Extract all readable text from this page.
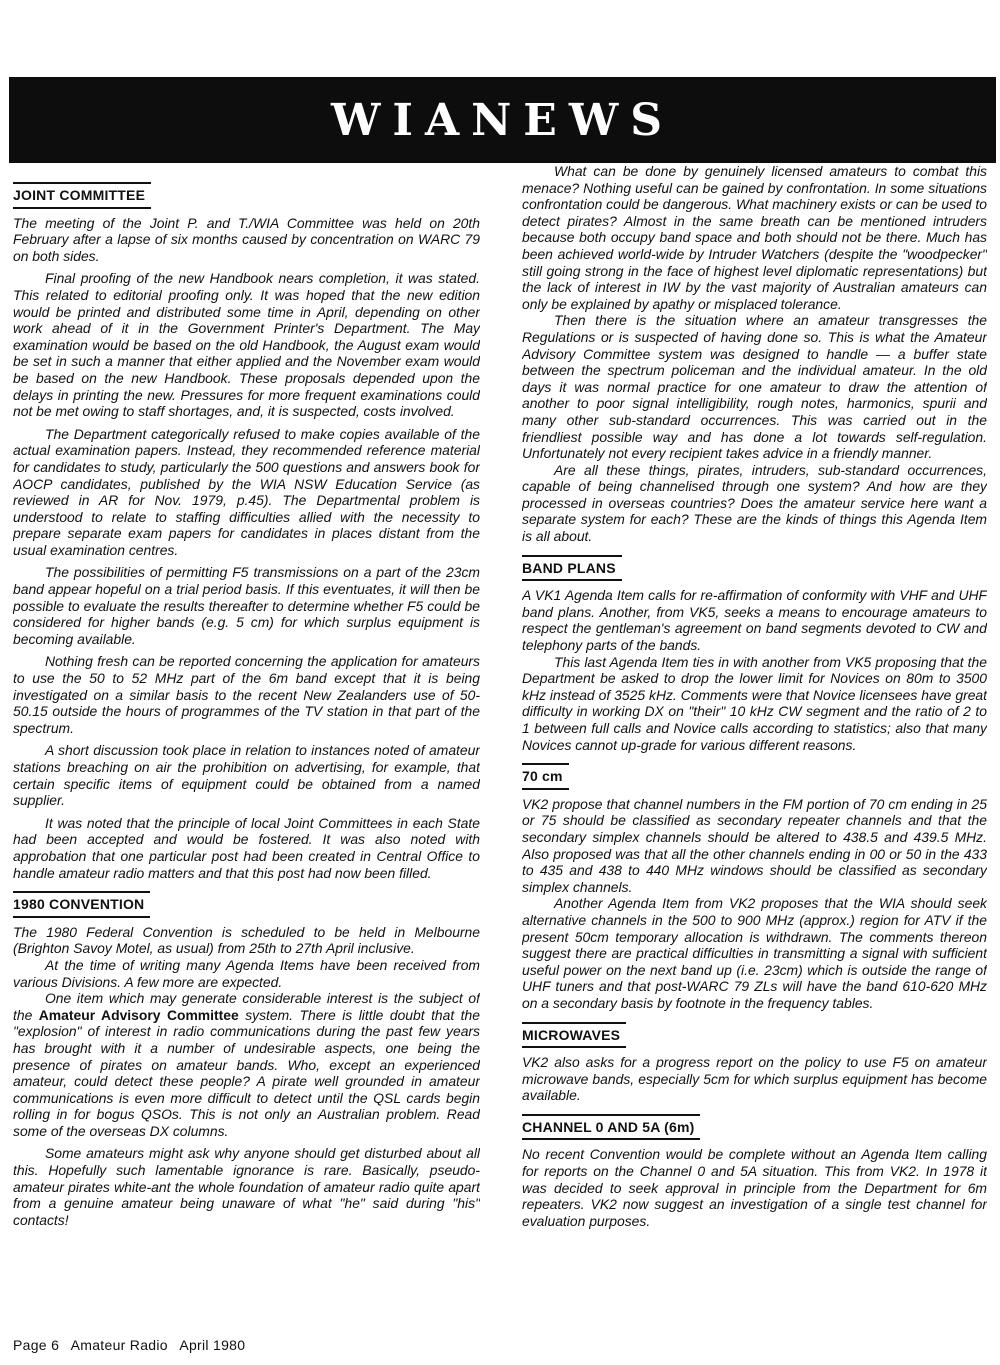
WIANEWS
JOINT COMMITTEE

The meeting of the Joint P. and T./WIA Committee was held on 20th February after a lapse of six months caused by concentration on WARC 79 on both sides.

Final proofing of the new Handbook nears completion, it was stated. This related to editorial proofing only. It was hoped that the new edition would be printed and distributed some time in April, depending on other work ahead of it in the Government Printer's Department. The May examination would be based on the old Handbook, the August exam would be set in such a manner that either applied and the November exam would be based on the new Handbook. These proposals depended upon the delays in printing the new. Pressures for more frequent examinations could not be met owing to staff shortages, and, it is suspected, costs involved.

The Department categorically refused to make copies available of the actual examination papers. Instead, they recommended reference material for candidates to study, particularly the 500 questions and answers book for AOCP candidates, published by the WIA NSW Education Service (as reviewed in AR for Nov. 1979, p.45). The Departmental problem is understood to relate to staffing difficulties allied with the necessity to prepare separate exam papers for candidates in places distant from the usual examination centres.

The possibilities of permitting F5 transmissions on a part of the 23cm band appear hopeful on a trial period basis. If this eventuates, it will then be possible to evaluate the results thereafter to determine whether F5 could be considered for higher bands (e.g. 5 cm) for which surplus equipment is becoming available.

Nothing fresh can be reported concerning the application for amateurs to use the 50 to 52 MHz part of the 6m band except that it is being investigated on a similar basis to the recent New Zealanders use of 50-50.15 outside the hours of programmes of the TV station in that part of the spectrum.

A short discussion took place in relation to instances noted of amateur stations breaching on air the prohibition on advertising, for example, that certain specific items of equipment could be obtained from a named supplier.

It was noted that the principle of local Joint Committees in each State had been accepted and would be fostered. It was also noted with approbation that one particular post had been created in Central Office to handle amateur radio matters and that this post had now been filled.

1980 CONVENTION

The 1980 Federal Convention is scheduled to be held in Melbourne (Brighton Savoy Motel, as usual) from 25th to 27th April inclusive.

At the time of writing many Agenda Items have been received from various Divisions. A few more are expected.

One item which may generate considerable interest is the subject of the Amateur Advisory Committee system. There is little doubt that the "explosion" of interest in radio communications during the past few years has brought with it a number of undesirable aspects, one being the presence of pirates on amateur bands. Who, except an experienced amateur, could detect these people? A pirate well grounded in amateur communications is even more difficult to detect until the QSL cards begin rolling in for bogus QSOs. This is not only an Australian problem. Read some of the overseas DX columns.

Some amateurs might ask why anyone should get disturbed about all this. Hopefully such lamentable ignorance is rare. Basically, pseudo-amateur pirates white-ant the whole foundation of amateur radio quite apart from a genuine amateur being unaware of what "he" said during "his" contacts!

What can be done by genuinely licensed amateurs to combat this menace? Nothing useful can be gained by confrontation. In some situations confrontation could be dangerous. What machinery exists or can be used to detect pirates? Almost in the same breath can be mentioned intruders because both occupy band space and both should not be there. Much has been achieved world-wide by Intruder Watchers (despite the "woodpecker" still going strong in the face of highest level diplomatic representations) but the lack of interest in IW by the vast majority of Australian amateurs can only be explained by apathy or misplaced tolerance.

Then there is the situation where an amateur transgresses the Regulations or is suspected of having done so. This is what the Amateur Advisory Committee system was designed to handle — a buffer state between the spectrum policeman and the individual amateur. In the old days it was normal practice for one amateur to draw the attention of another to poor signal intelligibility, rough notes, harmonics, spurii and many other sub-standard occurrences. This was carried out in the friendliest possible way and has done a lot towards self-regulation. Unfortunately not every recipient takes advice in a friendly manner.

Are all these things, pirates, intruders, sub-standard occurrences, capable of being channelised through one system? And how are they processed in overseas countries? Does the amateur service here want a separate system for each? These are the kinds of things this Agenda Item is all about.

BAND PLANS

A VK1 Agenda Item calls for re-affirmation of conformity with VHF and UHF band plans. Another, from VK5, seeks a means to encourage amateurs to respect the gentleman's agreement on band segments devoted to CW and telephony parts of the bands.

This last Agenda Item ties in with another from VK5 proposing that the Department be asked to drop the lower limit for Novices on 80m to 3500 kHz instead of 3525 kHz. Comments were that Novice licensees have great difficulty in working DX on "their" 10 kHz CW segment and the ratio of 2 to 1 between full calls and Novice calls according to statistics; also that many Novices cannot up-grade for various different reasons.

70 cm

VK2 propose that channel numbers in the FM portion of 70 cm ending in 25 or 75 should be classified as secondary repeater channels and that the secondary simplex channels should be altered to 438.5 and 439.5 MHz. Also proposed was that all the other channels ending in 00 or 50 in the 433 to 435 and 438 to 440 MHz windows should be classified as secondary simplex channels.

Another Agenda Item from VK2 proposes that the WIA should seek alternative channels in the 500 to 900 MHz (approx.) region for ATV if the present 50cm temporary allocation is withdrawn. The comments thereon suggest there are practical difficulties in transmitting a signal with sufficient useful power on the next band up (i.e. 23cm) which is outside the range of UHF tuners and that post-WARC 79 ZLs will have the band 610-620 MHz on a secondary basis by footnote in the frequency tables.

MICROWAVES

VK2 also asks for a progress report on the policy to use F5 on amateur microwave bands, especially 5cm for which surplus equipment has become available.

CHANNEL 0 AND 5A (6m)

No recent Convention would be complete without an Agenda Item calling for reports on the Channel 0 and 5A situation. This from VK2. In 1978 it was decided to seek approval in principle from the Department for 6m repeaters. VK2 now suggest an investigation of a single test channel for evaluation purposes.

Page 6 Amateur Radio April 1980
